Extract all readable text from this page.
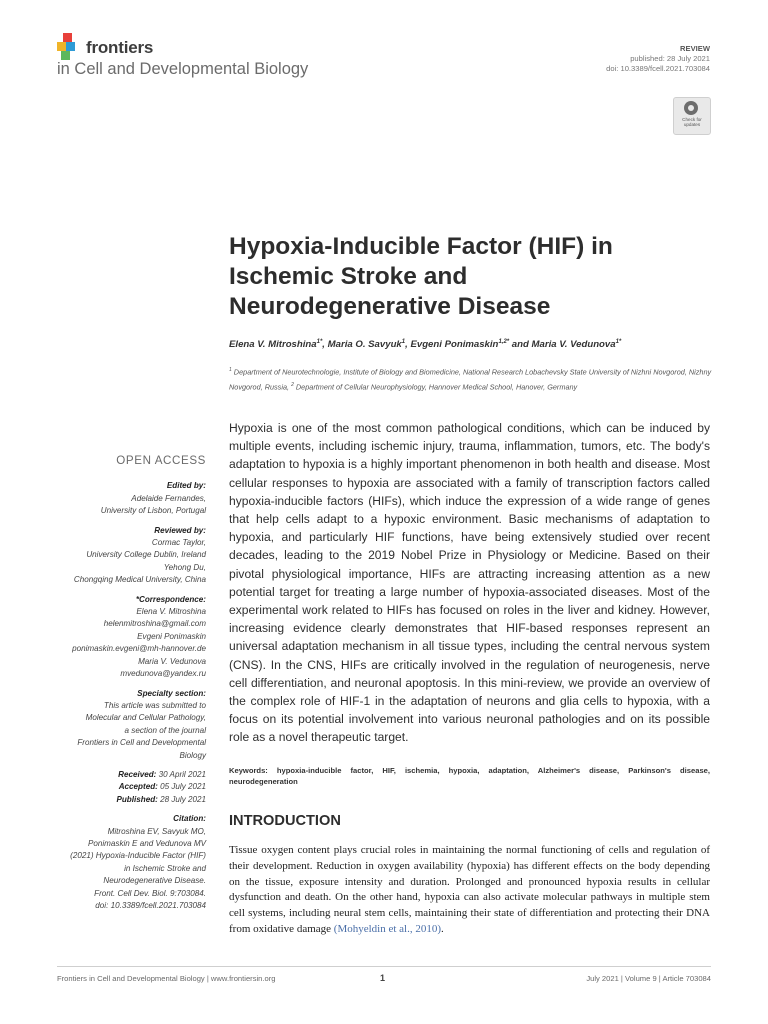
frontiers
in Cell and Developmental Biology
REVIEW
published: 28 July 2021
doi: 10.3389/fcell.2021.703084
Check for
updates
Hypoxia-Inducible Factor (HIF) in
Ischemic Stroke and
Neurodegenerative Disease
Elena V. Mitroshina$^{1*}$, Maria O. Savyuk$^1$, Evgeni Ponimaskin$^{1,2*}$ and Maria V. Vedunova$^{1*}$
$^1$ Department of Neurotechnologie, Institute of Biology and Biomedicine, National Research Lobachevsky State University of Nizhni Novgorod, Nizhny Novgorod, Russia, $^2$ Department of Cellular Neurophysiology, Hannover Medical School, Hanover, Germany
Hypoxia is one of the most common pathological conditions, which can be induced by multiple events, including ischemic injury, trauma, inflammation, tumors, etc. The body's adaptation to hypoxia is a highly important phenomenon in both health and disease. Most cellular responses to hypoxia are associated with a family of transcription factors called hypoxia-inducible factors (HIFs), which induce the expression of a wide range of genes that help cells adapt to a hypoxic environment. Basic mechanisms of adaptation to hypoxia, and particularly HIF functions, have being extensively studied over recent decades, leading to the 2019 Nobel Prize in Physiology or Medicine. Based on their pivotal physiological importance, HIFs are attracting increasing attention as a new potential target for treating a large number of hypoxia-associated diseases. Most of the experimental work related to HIFs has focused on roles in the liver and kidney. However, increasing evidence clearly demonstrates that HIF-based responses represent an universal adaptation mechanism in all tissue types, including the central nervous system (CNS). In the CNS, HIFs are critically involved in the regulation of neurogenesis, nerve cell differentiation, and neuronal apoptosis. In this mini-review, we provide an overview of the complex role of HIF-1 in the adaptation of neurons and glia cells to hypoxia, with a focus on its potential involvement into various neuronal pathologies and on its possible role as a novel therapeutic target.
Keywords: hypoxia-inducible factor, HIF, ischemia, hypoxia, adaptation, Alzheimer's disease, Parkinson's disease, neurodegeneration
INTRODUCTION
Tissue oxygen content plays crucial roles in maintaining the normal functioning of cells and regulation of their development. Reduction in oxygen availability (hypoxia) has different effects on the body depending on the tissue, exposure intensity and duration. Prolonged and pronounced hypoxia results in cellular dysfunction and death. On the other hand, hypoxia can also activate molecular pathways in multiple stem cell systems, including neural stem cells, maintaining their state of differentiation and protecting their DNA from oxidative damage (Mohyeldin et al., 2010).
OPEN ACCESS
Edited by:
Adelaide Fernandes,
University of Lisbon, Portugal
Reviewed by:
Cormac Taylor,
University College Dublin, Ireland
Yehong Du,
Chongqing Medical University, China
*Correspondence:
Elena V. Mitroshina
helenmitroshina@gmail.com
Evgeni Ponimaskin
ponimaskin.evgeni@mh-hannover.de
Maria V. Vedunova
mvedunova@yandex.ru
Specialty section:
This article was submitted to
Molecular and Cellular Pathology,
a section of the journal
Frontiers in Cell and Developmental
Biology
Received: 30 April 2021
Accepted: 05 July 2021
Published: 28 July 2021
Citation:
Mitroshina EV, Savyuk MO,
Ponimaskin E and Vedunova MV
(2021) Hypoxia-Inducible Factor (HIF)
in Ischemic Stroke and
Neurodegenerative Disease.
Front. Cell Dev. Biol. 9:703084.
doi: 10.3389/fcell.2021.703084
Frontiers in Cell and Developmental Biology | www.frontiersin.org	1	July 2021 | Volume 9 | Article 703084
